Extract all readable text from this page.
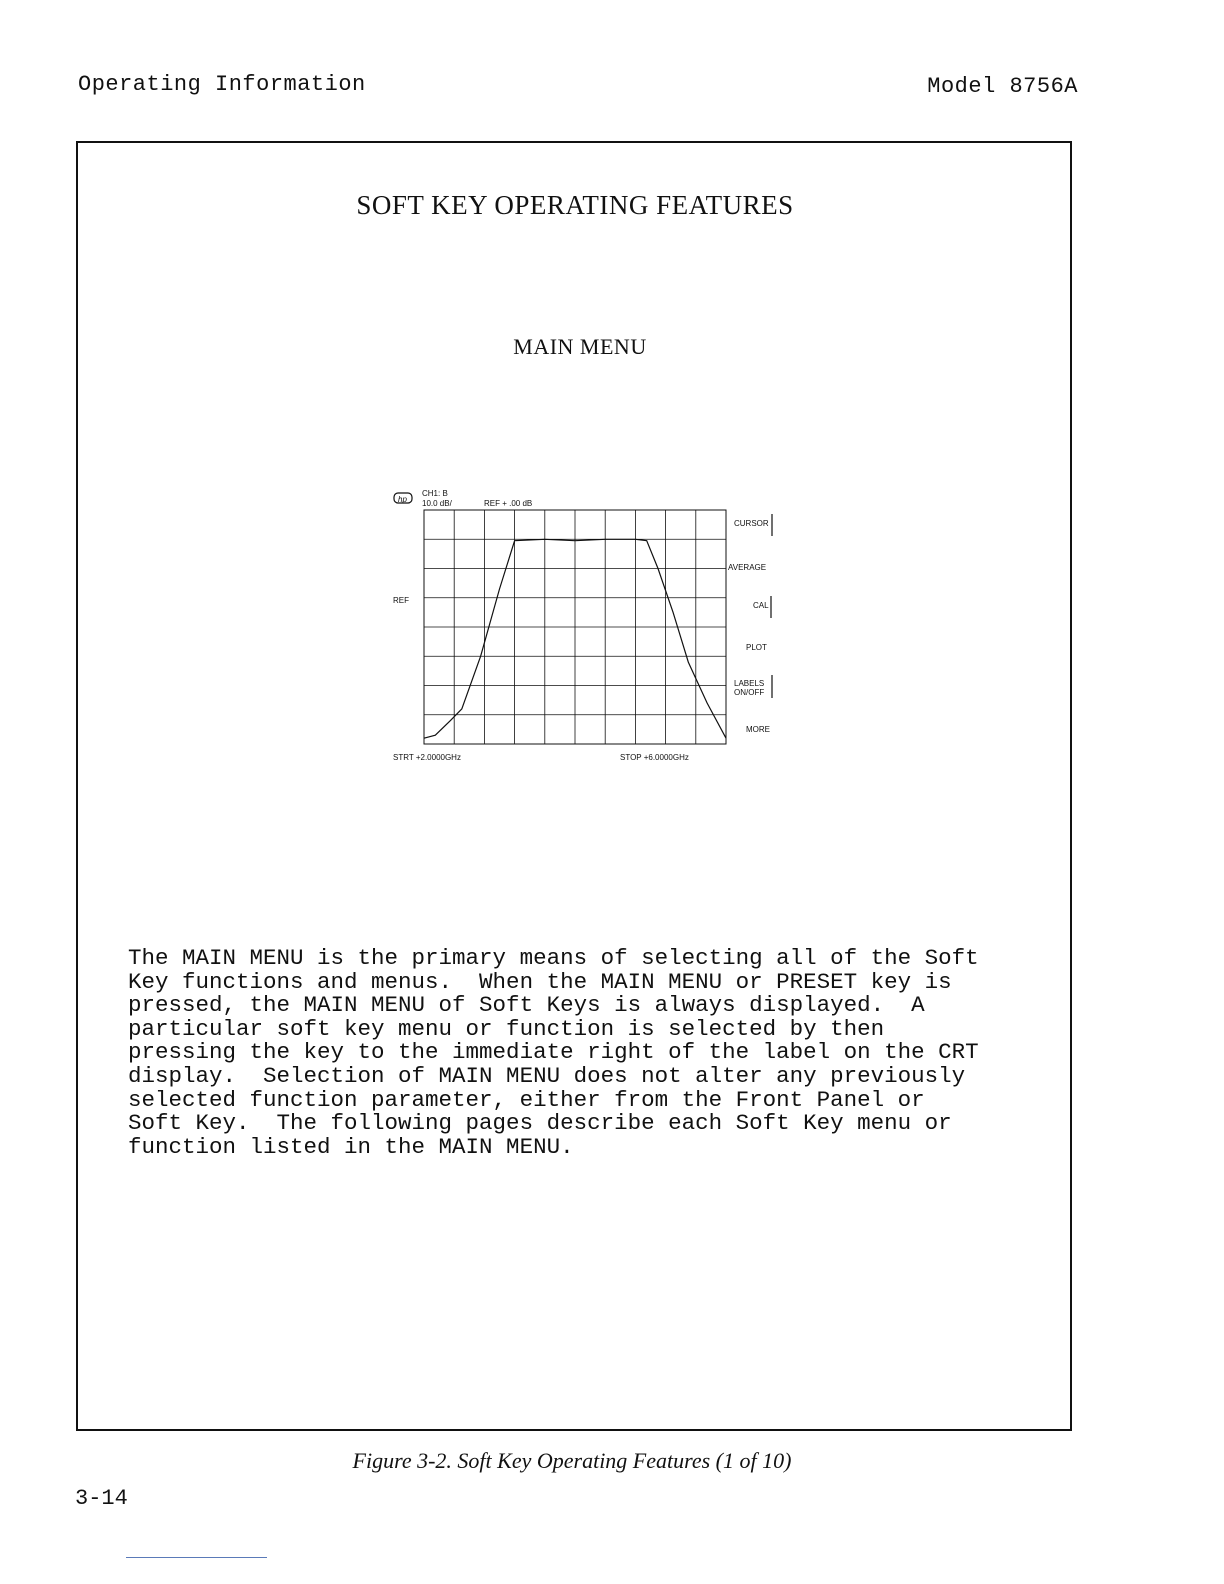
Operating Information	Model 8756A
SOFT KEY OPERATING FEATURES
MAIN MENU
hp
CH1: B
10.0 dB/	REF + .00 dB
REF
STRT +2.0000GHz	STOP +6.0000GHz
CURSOR
AVERAGE
CAL
PLOT
LABELS
ON/OFF
MORE
The MAIN MENU is the primary means of selecting all of the Soft
Key functions and menus.  When the MAIN MENU or PRESET key is
pressed, the MAIN MENU of Soft Keys is always displayed.  A
particular soft key menu or function is selected by then
pressing the key to the immediate right of the label on the CRT
display.  Selection of MAIN MENU does not alter any previously
selected function parameter, either from the Front Panel or
Soft Key.  The following pages describe each Soft Key menu or
function listed in the MAIN MENU.
Figure 3-2. Soft Key Operating Features (1 of 10)
3-14
